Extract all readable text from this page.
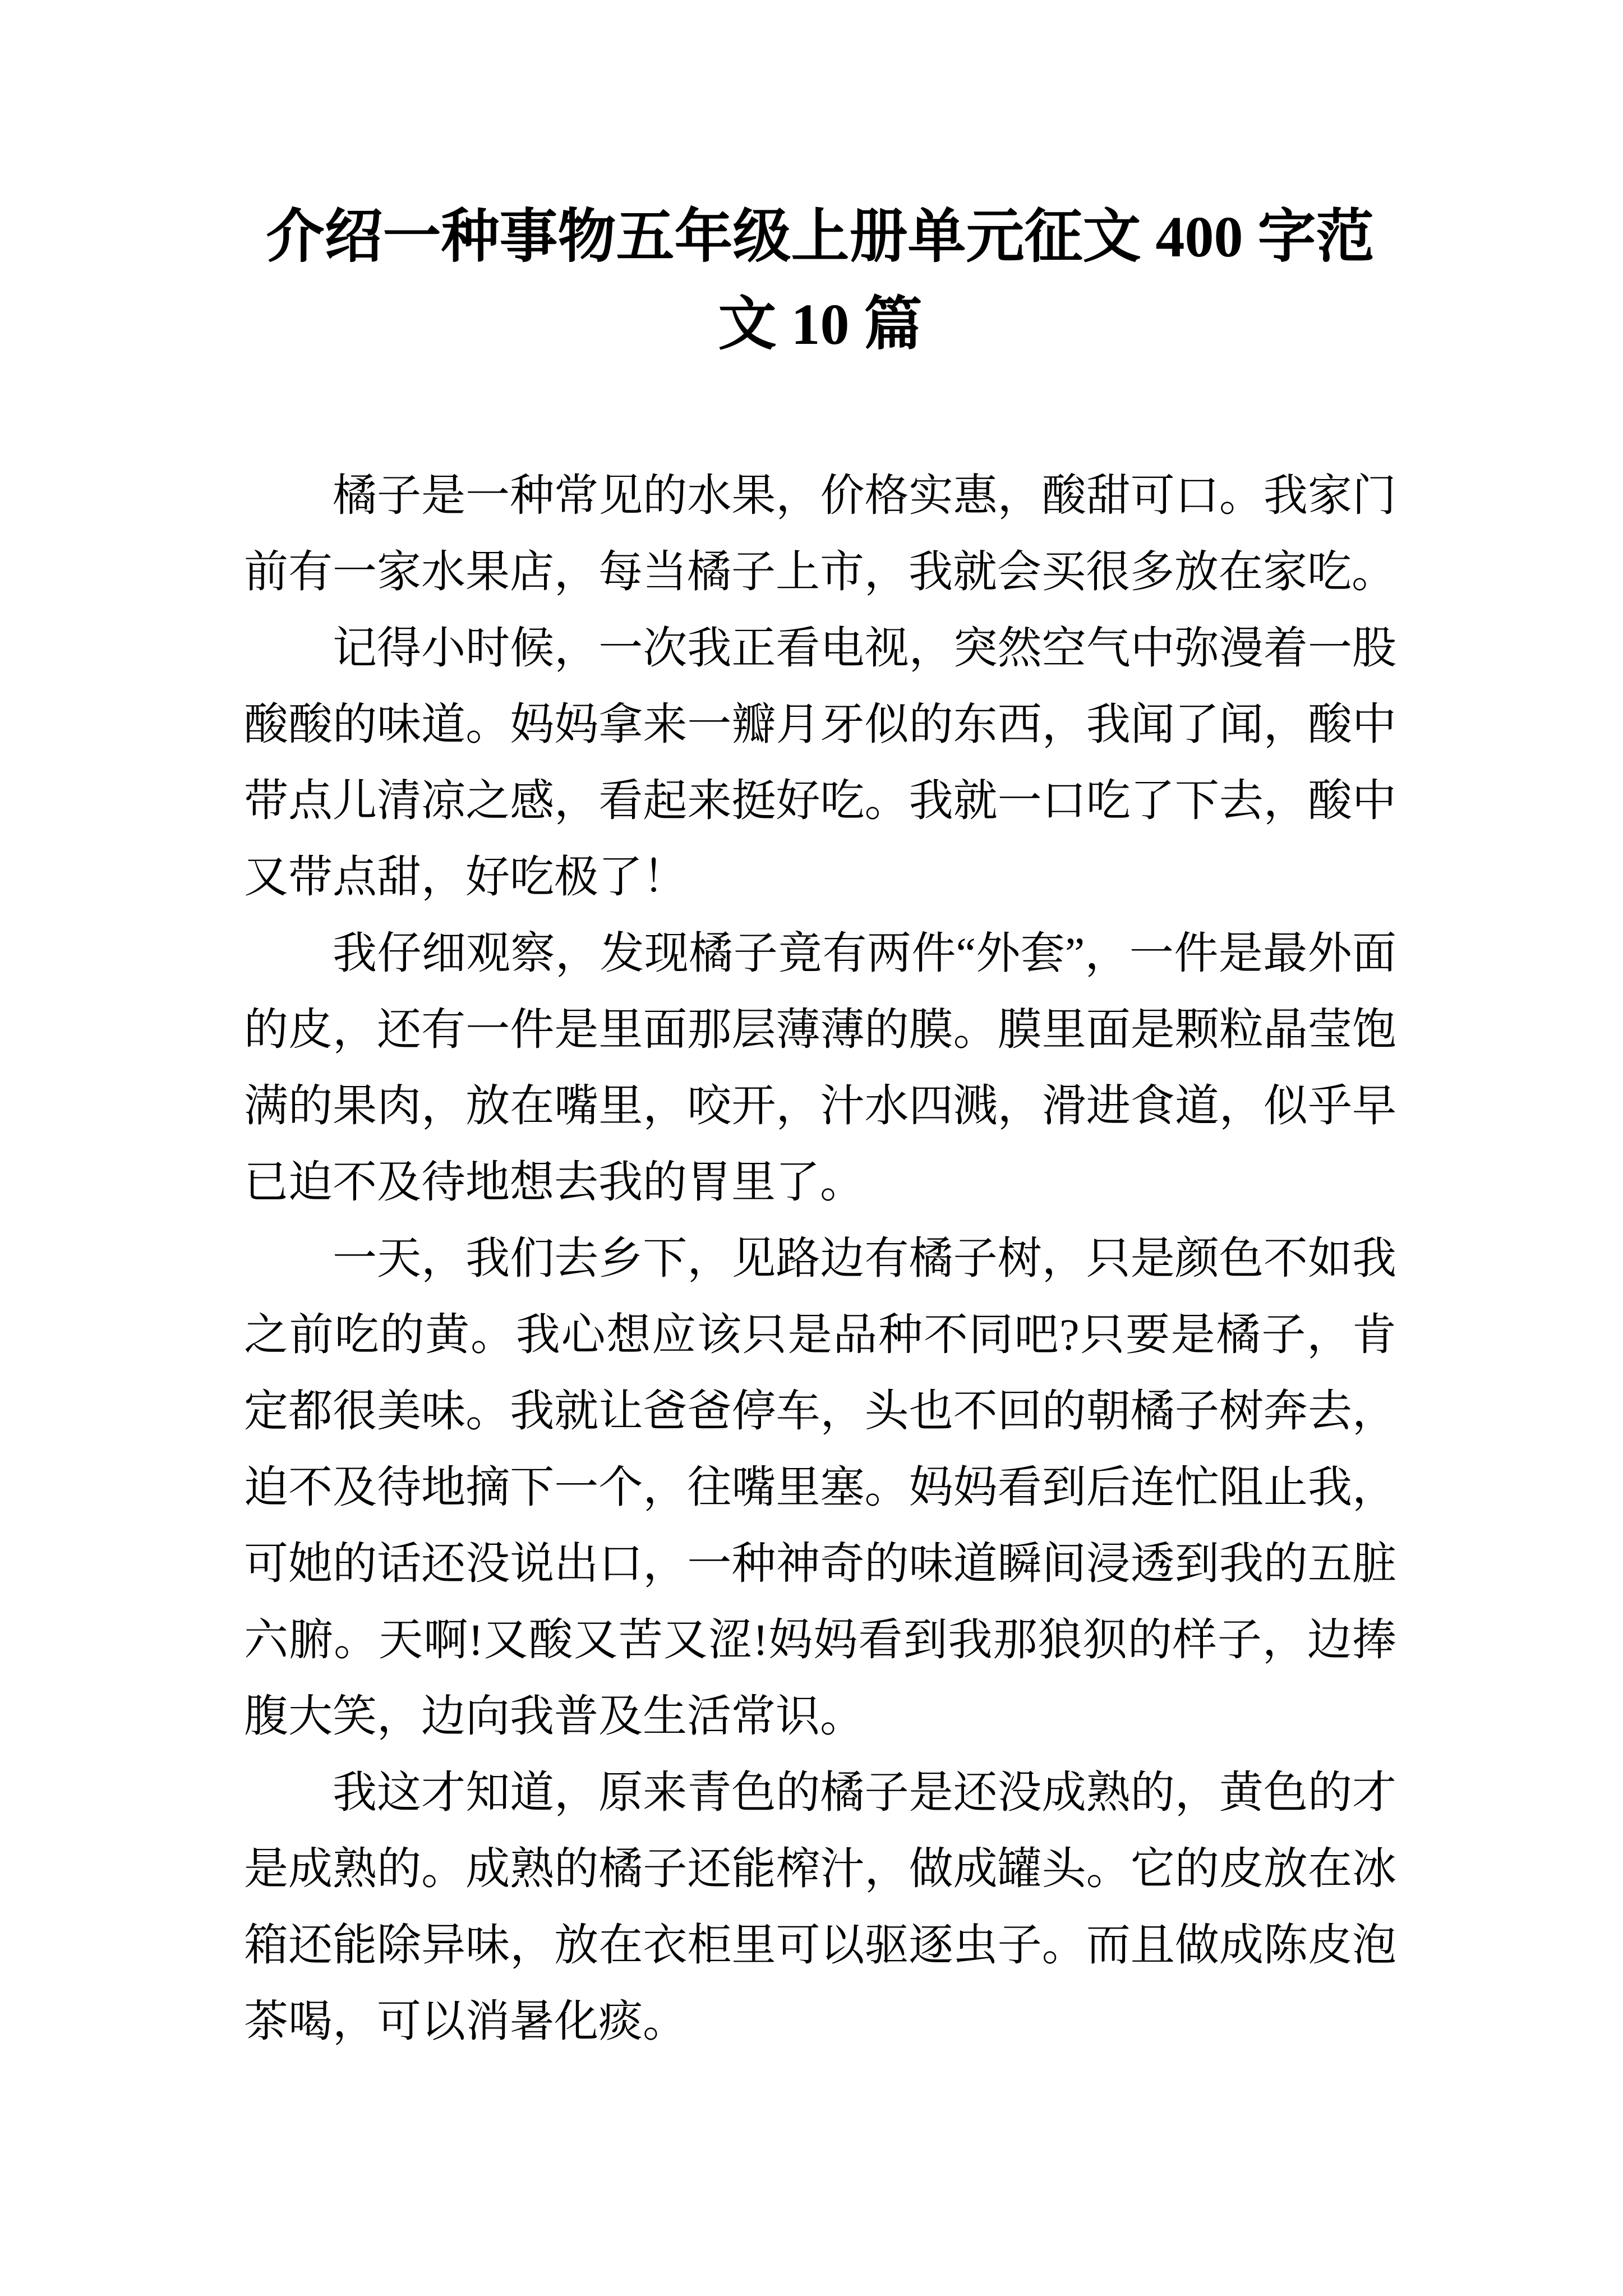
介绍一种事物五年级上册单元征文 400 字范文 10 篇

橘子是一种常见的水果，价格实惠，酸甜可口。我家门前有一家水果店，每当橘子上市，我就会买很多放在家吃。

记得小时候，一次我正看电视，突然空气中弥漫着一股酸酸的味道。妈妈拿来一瓣月牙似的东西，我闻了闻，酸中带点儿清凉之感，看起来挺好吃。我就一口吃了下去，酸中又带点甜，好吃极了！

我仔细观察，发现橘子竟有两件“外套”，一件是最外面的皮，还有一件是里面那层薄薄的膜。膜里面是颗粒晶莹饱满的果肉，放在嘴里，咬开，汁水四溅，滑进食道，似乎早已迫不及待地想去我的胃里了。

一天，我们去乡下，见路边有橘子树，只是颜色不如我之前吃的黄。我心想应该只是品种不同吧?只要是橘子，肯定都很美味。我就让爸爸停车，头也不回的朝橘子树奔去，迫不及待地摘下一个，往嘴里塞。妈妈看到后连忙阻止我，可她的话还没说出口，一种神奇的味道瞬间浸透到我的五脏六腑。天啊!又酸又苦又涩!妈妈看到我那狼狈的样子，边捧腹大笑，边向我普及生活常识。

我这才知道，原来青色的橘子是还没成熟的，黄色的才是成熟的。成熟的橘子还能榨汁，做成罐头。它的皮放在冰箱还能除异味，放在衣柜里可以驱逐虫子。而且做成陈皮泡茶喝，可以消暑化痰。
